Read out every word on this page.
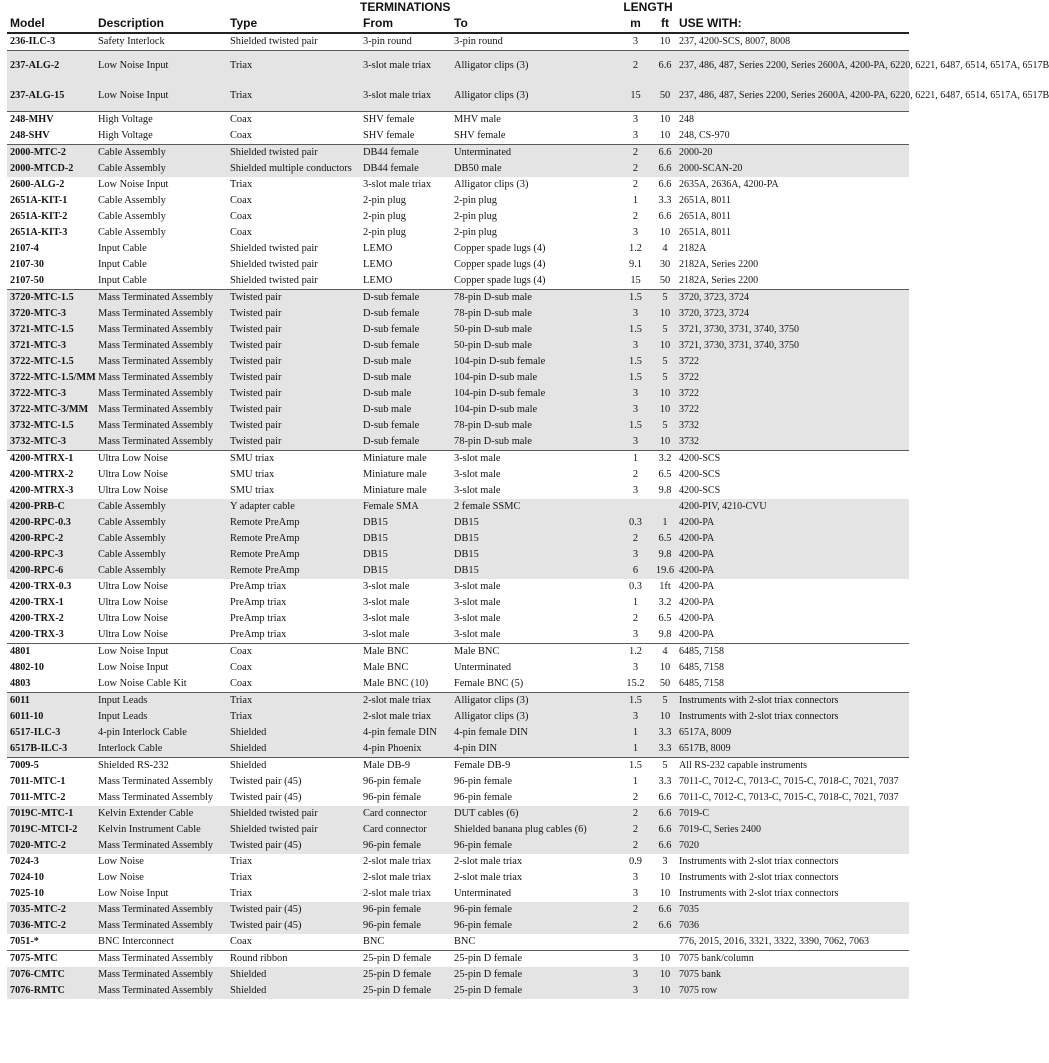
			TERMINATIONS		LENGTH		
Model	Description	Type	From	To	m	ft	USE WITH:
236-ILC-3	Safety Interlock	Shielded twisted pair	3-pin round	3-pin round	3	10	237, 4200-SCS, 8007, 8008
237-ALG-2	Low Noise Input	Triax	3-slot male triax	Alligator clips (3)	2	6.6	237, 486, 487, Series 2200, Series 2600A, 4200-PA, 6220, 6221, 6487, 6514, 6517A, 6517B
237-ALG-15	Low Noise Input	Triax	3-slot male triax	Alligator clips (3)	15	50	237, 486, 487, Series 2200, Series 2600A, 4200-PA, 6220, 6221, 6487, 6514, 6517A, 6517B
248-MHV	High Voltage	Coax	SHV female	MHV male	3	10	248
248-SHV	High Voltage	Coax	SHV female	SHV female	3	10	248, CS-970
2000-MTC-2	Cable Assembly	Shielded twisted pair	DB44 female	Unterminated	2	6.6	2000-20
2000-MTCD-2	Cable Assembly	Shielded multiple conductors	DB44 female	DB50 male	2	6.6	2000-SCAN-20
2600-ALG-2	Low Noise Input	Triax	3-slot male triax	Alligator clips (3)	2	6.6	2635A, 2636A, 4200-PA
2651A-KIT-1	Cable Assembly	Coax	2-pin plug	2-pin plug	1	3.3	2651A, 8011
2651A-KIT-2	Cable Assembly	Coax	2-pin plug	2-pin plug	2	6.6	2651A, 8011
2651A-KIT-3	Cable Assembly	Coax	2-pin plug	2-pin plug	3	10	2651A, 8011
2107-4	Input Cable	Shielded twisted pair	LEMO	Copper spade lugs (4)	1.2	4	2182A
2107-30	Input Cable	Shielded twisted pair	LEMO	Copper spade lugs (4)	9.1	30	2182A, Series 2200
2107-50	Input Cable	Shielded twisted pair	LEMO	Copper spade lugs (4)	15	50	2182A, Series 2200
3720-MTC-1.5	Mass Terminated Assembly	Twisted pair	D-sub female	78-pin D-sub male	1.5	5	3720, 3723, 3724
3720-MTC-3	Mass Terminated Assembly	Twisted pair	D-sub female	78-pin D-sub male	3	10	3720, 3723, 3724
3721-MTC-1.5	Mass Terminated Assembly	Twisted pair	D-sub female	50-pin D-sub male	1.5	5	3721, 3730, 3731, 3740, 3750
3721-MTC-3	Mass Terminated Assembly	Twisted pair	D-sub female	50-pin D-sub male	3	10	3721, 3730, 3731, 3740, 3750
3722-MTC-1.5	Mass Terminated Assembly	Twisted pair	D-sub male	104-pin D-sub female	1.5	5	3722
3722-MTC-1.5/MM	Mass Terminated Assembly	Twisted pair	D-sub male	104-pin D-sub male	1.5	5	3722
3722-MTC-3	Mass Terminated Assembly	Twisted pair	D-sub male	104-pin D-sub female	3	10	3722
3722-MTC-3/MM	Mass Terminated Assembly	Twisted pair	D-sub male	104-pin D-sub male	3	10	3722
3732-MTC-1.5	Mass Terminated Assembly	Twisted pair	D-sub female	78-pin D-sub male	1.5	5	3732
3732-MTC-3	Mass Terminated Assembly	Twisted pair	D-sub female	78-pin D-sub male	3	10	3732
4200-MTRX-1	Ultra Low Noise	SMU triax	Miniature male	3-slot male	1	3.2	4200-SCS
4200-MTRX-2	Ultra Low Noise	SMU triax	Miniature male	3-slot male	2	6.5	4200-SCS
4200-MTRX-3	Ultra Low Noise	SMU triax	Miniature male	3-slot male	3	9.8	4200-SCS
4200-PRB-C	Cable Assembly	Y adapter cable	Female SMA	2 female SSMC			4200-PIV, 4210-CVU
4200-RPC-0.3	Cable Assembly	Remote PreAmp	DB15	DB15	0.3	1	4200-PA
4200-RPC-2	Cable Assembly	Remote PreAmp	DB15	DB15	2	6.5	4200-PA
4200-RPC-3	Cable Assembly	Remote PreAmp	DB15	DB15	3	9.8	4200-PA
4200-RPC-6	Cable Assembly	Remote PreAmp	DB15	DB15	6	19.6	4200-PA
4200-TRX-0.3	Ultra Low Noise	PreAmp triax	3-slot male	3-slot male	0.3	1ft	4200-PA
4200-TRX-1	Ultra Low Noise	PreAmp triax	3-slot male	3-slot male	1	3.2	4200-PA
4200-TRX-2	Ultra Low Noise	PreAmp triax	3-slot male	3-slot male	2	6.5	4200-PA
4200-TRX-3	Ultra Low Noise	PreAmp triax	3-slot male	3-slot male	3	9.8	4200-PA
4801	Low Noise Input	Coax	Male BNC	Male BNC	1.2	4	6485, 7158
4802-10	Low Noise Input	Coax	Male BNC	Unterminated	3	10	6485, 7158
4803	Low Noise Cable Kit	Coax	Male BNC (10)	Female BNC (5)	15.2	50	6485, 7158
6011	Input Leads	Triax	2-slot male triax	Alligator clips (3)	1.5	5	Instruments with 2-slot triax connectors
6011-10	Input Leads	Triax	2-slot male triax	Alligator clips (3)	3	10	Instruments with 2-slot triax connectors
6517-ILC-3	4-pin Interlock Cable	Shielded	4-pin female DIN	4-pin female DIN	1	3.3	6517A, 8009
6517B-ILC-3	Interlock Cable	Shielded	4-pin Phoenix	4-pin DIN	1	3.3	6517B, 8009
7009-5	Shielded RS-232	Shielded	Male DB-9	Female DB-9	1.5	5	All RS-232 capable instruments
7011-MTC-1	Mass Terminated Assembly	Twisted pair (45)	96-pin female	96-pin female	1	3.3	7011-C, 7012-C, 7013-C, 7015-C, 7018-C, 7021, 7037
7011-MTC-2	Mass Terminated Assembly	Twisted pair (45)	96-pin female	96-pin female	2	6.6	7011-C, 7012-C, 7013-C, 7015-C, 7018-C, 7021, 7037
7019C-MTC-1	Kelvin Extender Cable	Shielded twisted pair	Card connector	DUT cables (6)	2	6.6	7019-C
7019C-MTCI-2	Kelvin Instrument Cable	Shielded twisted pair	Card connector	Shielded banana plug cables (6)	2	6.6	7019-C, Series 2400
7020-MTC-2	Mass Terminated Assembly	Twisted pair (45)	96-pin female	96-pin female	2	6.6	7020
7024-3	Low Noise	Triax	2-slot male triax	2-slot male triax	0.9	3	Instruments with 2-slot triax connectors
7024-10	Low Noise	Triax	2-slot male triax	2-slot male triax	3	10	Instruments with 2-slot triax connectors
7025-10	Low Noise Input	Triax	2-slot male triax	Unterminated	3	10	Instruments with 2-slot triax connectors
7035-MTC-2	Mass Terminated Assembly	Twisted pair (45)	96-pin female	96-pin female	2	6.6	7035
7036-MTC-2	Mass Terminated Assembly	Twisted pair (45)	96-pin female	96-pin female	2	6.6	7036
7051-*	BNC Interconnect	Coax	BNC	BNC			776, 2015, 2016, 3321, 3322, 3390, 7062, 7063
7075-MTC	Mass Terminated Assembly	Round ribbon	25-pin D female	25-pin D female	3	10	7075 bank/column
7076-CMTC	Mass Terminated Assembly	Shielded	25-pin D female	25-pin D female	3	10	7075 bank
7076-RMTC	Mass Terminated Assembly	Shielded	25-pin D female	25-pin D female	3	10	7075 row
